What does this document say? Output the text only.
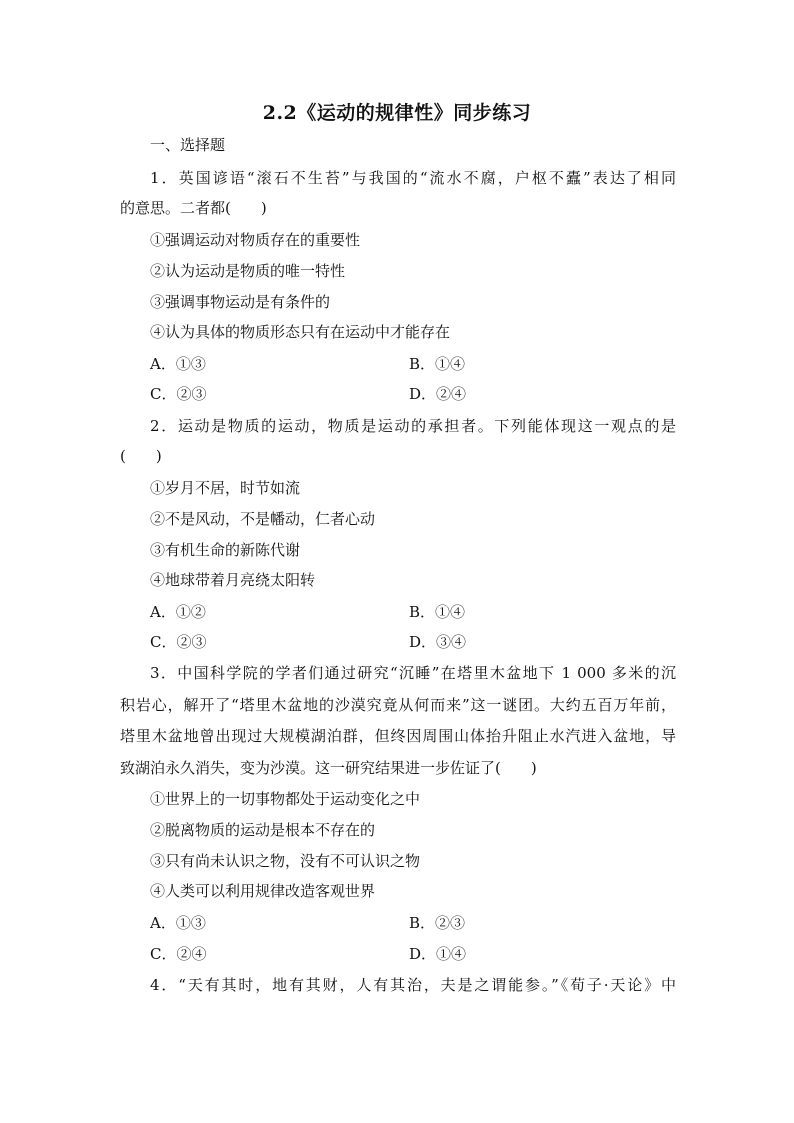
2.2《运动的规律性》同步练习
一、选择题
1．英国谚语“滚石不生苔”与我国的“流水不腐，户枢不蠹”表达了相同
的意思。二者都(　　)
①强调运动对物质存在的重要性
②认为运动是物质的唯一特性
③强调事物运动是有条件的
④认为具体的物质形态只有在运动中才能存在
A．①③	B．①④
C．②③	D．②④
2．运动是物质的运动，物质是运动的承担者。下列能体现这一观点的是
(　　)
①岁月不居，时节如流
②不是风动，不是幡动，仁者心动
③有机生命的新陈代谢
④地球带着月亮绕太阳转
A．①②	B．①④
C．②③	D．③④
3．中国科学院的学者们通过研究“沉睡”在塔里木盆地下 1 000 多米的沉
积岩心，解开了“塔里木盆地的沙漠究竟从何而来”这一谜团。大约五百万年前，
塔里木盆地曾出现过大规模湖泊群，但终因周围山体抬升阻止水汽进入盆地，导
致湖泊永久消失，变为沙漠。这一研究结果进一步佐证了(　　)
①世界上的一切事物都处于运动变化之中
②脱离物质的运动是根本不存在的
③只有尚未认识之物，没有不可认识之物
④人类可以利用规律改造客观世界
A．①③	B．②③
C．②④	D．①④
4．“天有其时，地有其财，人有其治，夫是之谓能参。”《荀子·天论》中
